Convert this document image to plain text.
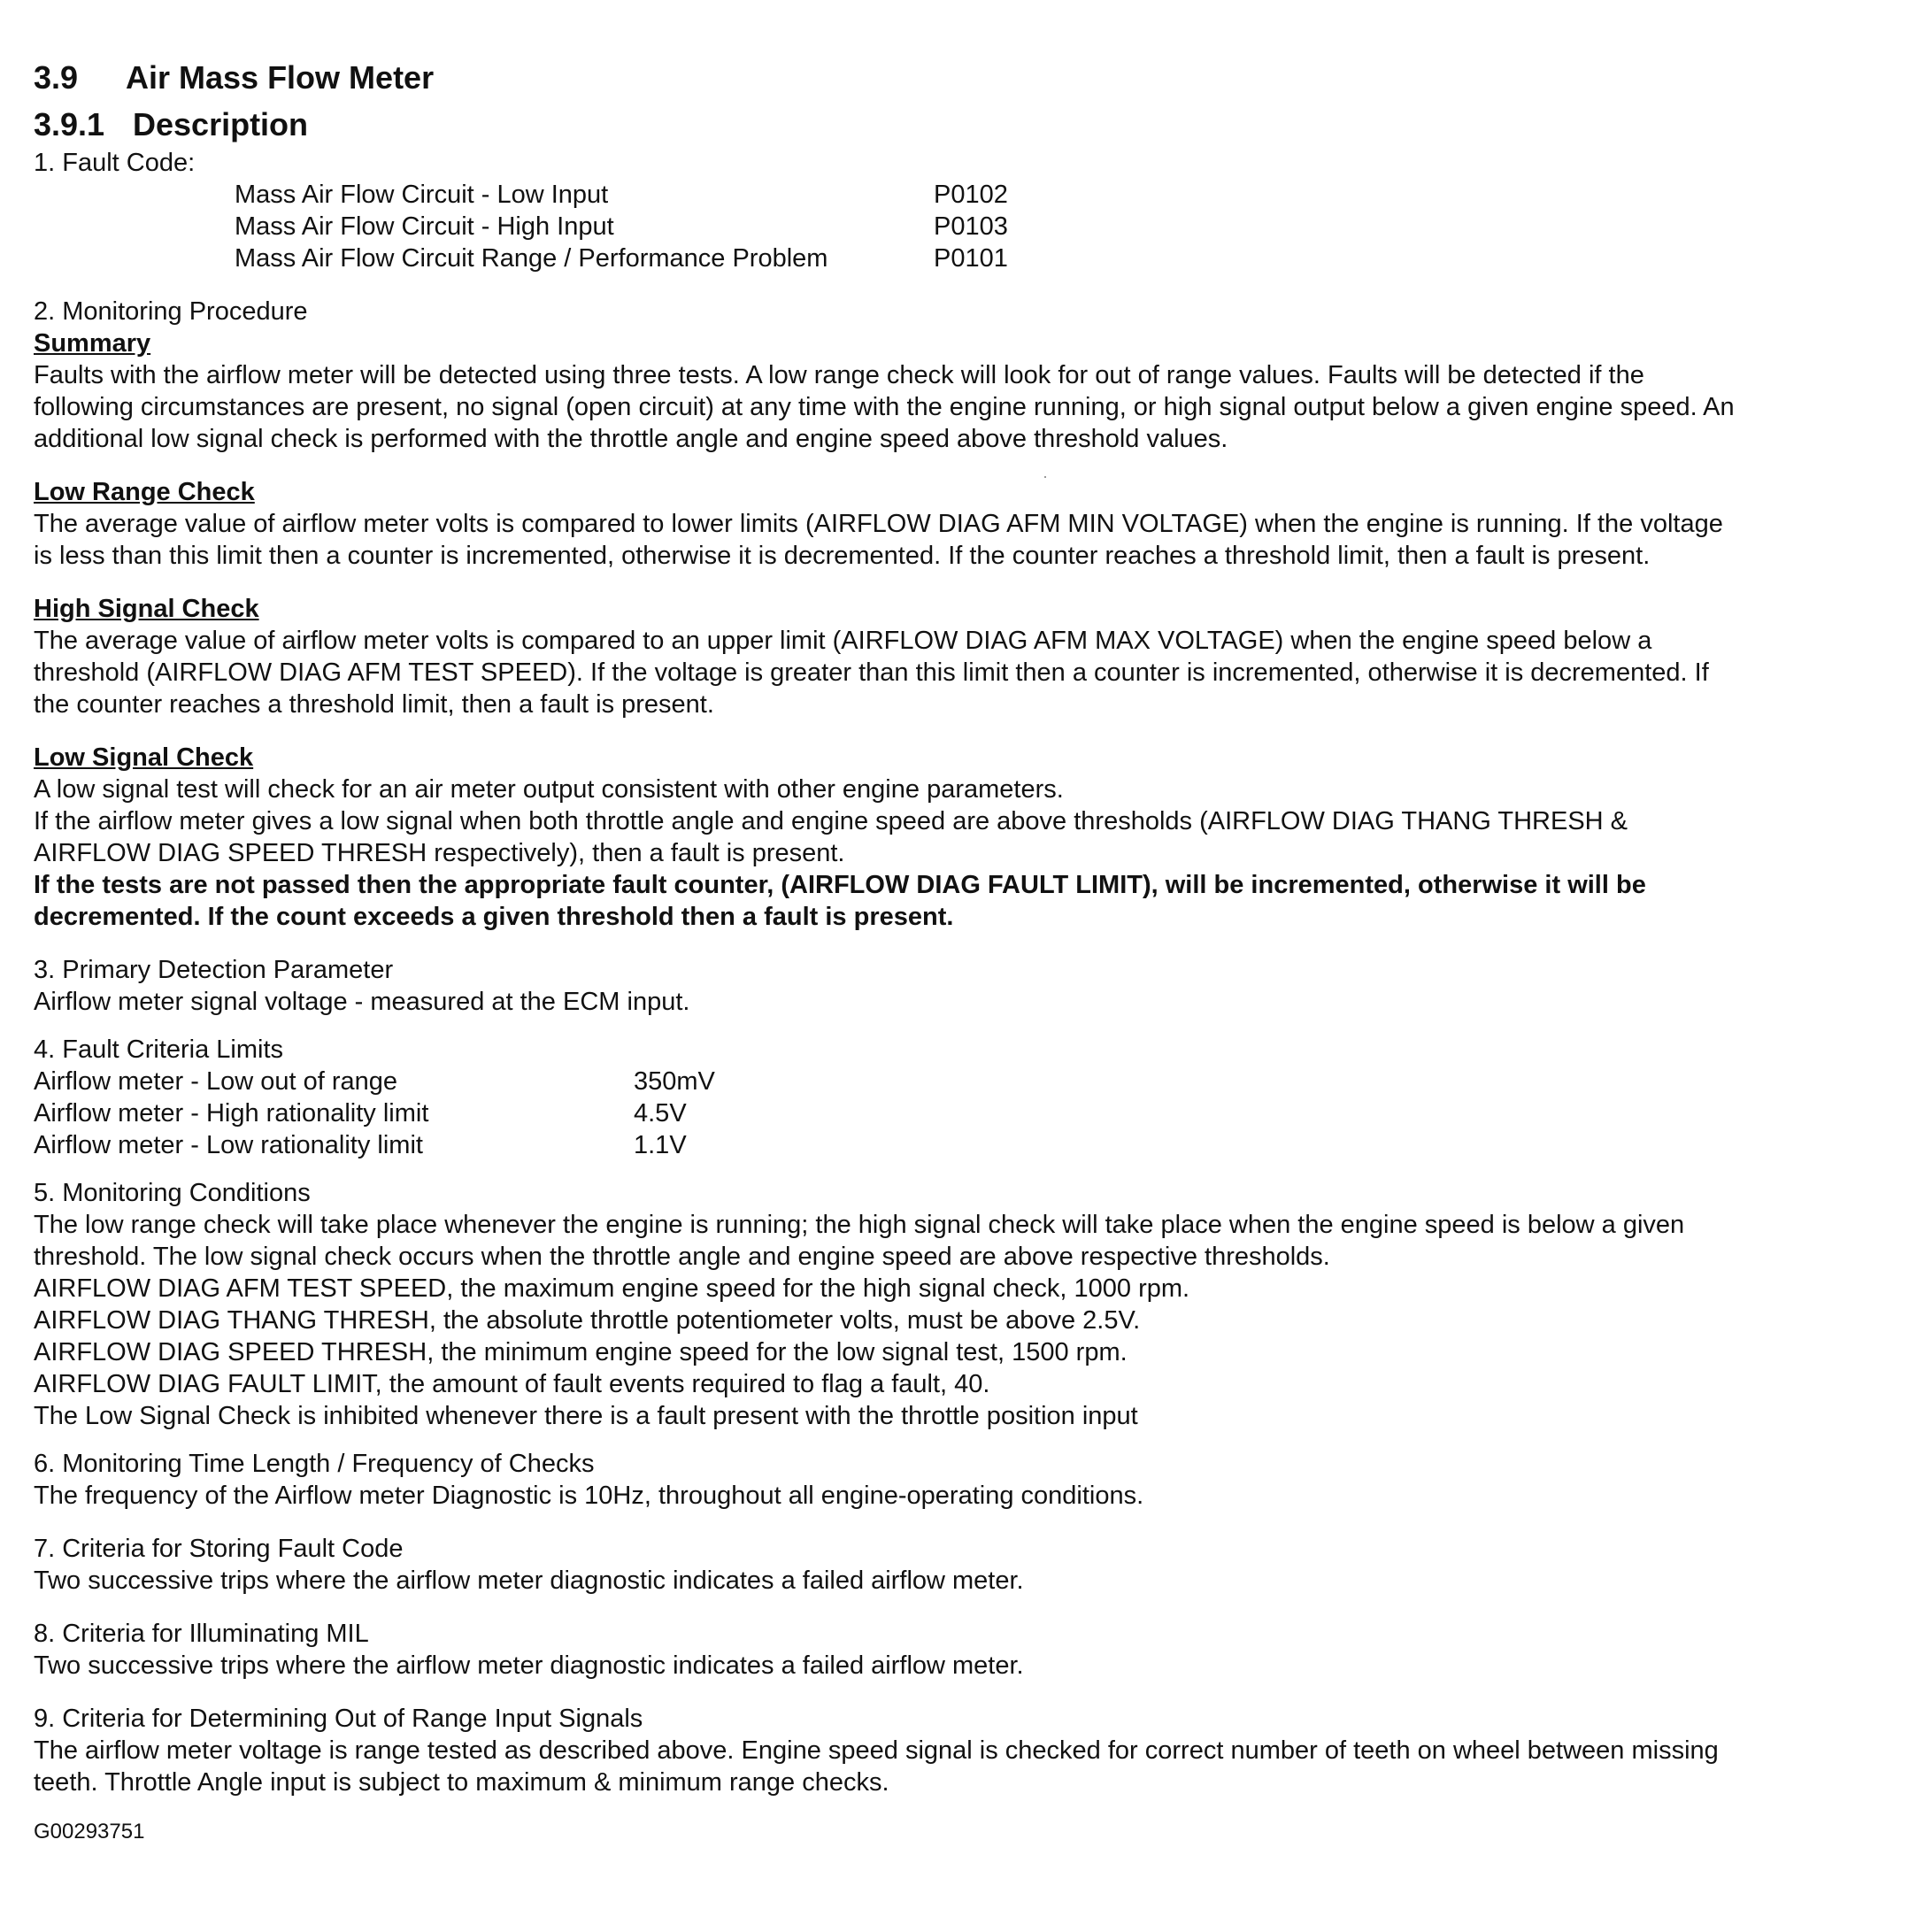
3.9 Air Mass Flow Meter
3.9.1 Description

1. Fault Code:

Mass Air Flow Circuit - Low Input	P0102
Mass Air Flow Circuit - High Input	P0103
Mass Air Flow Circuit Range / Performance Problem	P0101

2. Monitoring Procedure

Summary

Faults with the airflow meter will be detected using three tests. A low range check will look for out of range values. Faults will be detected if the

following circumstances are present, no signal (open circuit) at any time with the engine running, or high signal output below a given engine speed. An

additional low signal check is performed with the throttle angle and engine speed above threshold values.

Low Range Check

The average value of airflow meter volts is compared to lower limits (AIRFLOW DIAG AFM MIN VOLTAGE) when the engine is running. If the voltage

is less than this limit then a counter is incremented, otherwise it is decremented. If the counter reaches a threshold limit, then a fault is present.

High Signal Check

The average value of airflow meter volts is compared to an upper limit (AIRFLOW DIAG AFM MAX VOLTAGE) when the engine speed below a

threshold (AIRFLOW DIAG AFM TEST SPEED). If the voltage is greater than this limit then a counter is incremented, otherwise it is decremented. If

the counter reaches a threshold limit, then a fault is present.

Low Signal Check

A low signal test will check for an air meter output consistent with other engine parameters.

If the airflow meter gives a low signal when both throttle angle and engine speed are above thresholds (AIRFLOW DIAG THANG THRESH &

AIRFLOW DIAG SPEED THRESH respectively), then a fault is present.

If the tests are not passed then the appropriate fault counter, (AIRFLOW DIAG FAULT LIMIT), will be incremented, otherwise it will be

decremented. If the count exceeds a given threshold then a fault is present.

3. Primary Detection Parameter

Airflow meter signal voltage - measured at the ECM input.

4. Fault Criteria Limits

Airflow meter - Low out of range	350mV
Airflow meter - High rationality limit	4.5V
Airflow meter - Low rationality limit	1.1V

5. Monitoring Conditions

The low range check will take place whenever the engine is running; the high signal check will take place when the engine speed is below a given

threshold. The low signal check occurs when the throttle angle and engine speed are above respective thresholds.

AIRFLOW DIAG AFM TEST SPEED, the maximum engine speed for the high signal check, 1000 rpm.

AIRFLOW DIAG THANG THRESH, the absolute throttle potentiometer volts, must be above 2.5V.

AIRFLOW DIAG SPEED THRESH, the minimum engine speed for the low signal test, 1500 rpm.

AIRFLOW DIAG FAULT LIMIT, the amount of fault events required to flag a fault, 40.

The Low Signal Check is inhibited whenever there is a fault present with the throttle position input

6. Monitoring Time Length / Frequency of Checks

The frequency of the Airflow meter Diagnostic is 10Hz, throughout all engine-operating conditions.

7. Criteria for Storing Fault Code

Two successive trips where the airflow meter diagnostic indicates a failed airflow meter.

8. Criteria for Illuminating MIL

Two successive trips where the airflow meter diagnostic indicates a failed airflow meter.

9. Criteria for Determining Out of Range Input Signals

The airflow meter voltage is range tested as described above. Engine speed signal is checked for correct number of teeth on wheel between missing

teeth. Throttle Angle input is subject to maximum & minimum range checks.

G00293751
